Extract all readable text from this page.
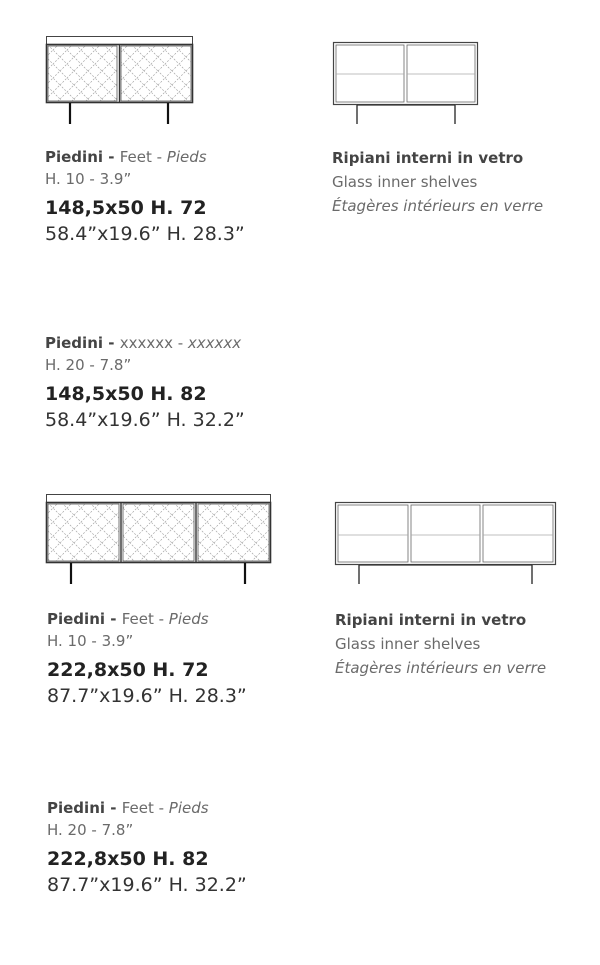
Piedini - Feet - Pieds
H. 10 - 3.9”
148,5x50 H. 72
58.4”x19.6” H. 28.3”
Ripiani interni in vetro
Glass inner shelves
Étagères intérieurs en verre
Piedini - xxxxxx - xxxxxx
H. 20 - 7.8”
148,5x50 H. 82
58.4”x19.6” H. 32.2”
Piedini - Feet - Pieds
H. 10 - 3.9”
222,8x50 H. 72
87.7”x19.6” H. 28.3”
Ripiani interni in vetro
Glass inner shelves
Étagères intérieurs en verre
Piedini - Feet - Pieds
H. 20 - 7.8”
222,8x50 H. 82
87.7”x19.6” H. 32.2”
